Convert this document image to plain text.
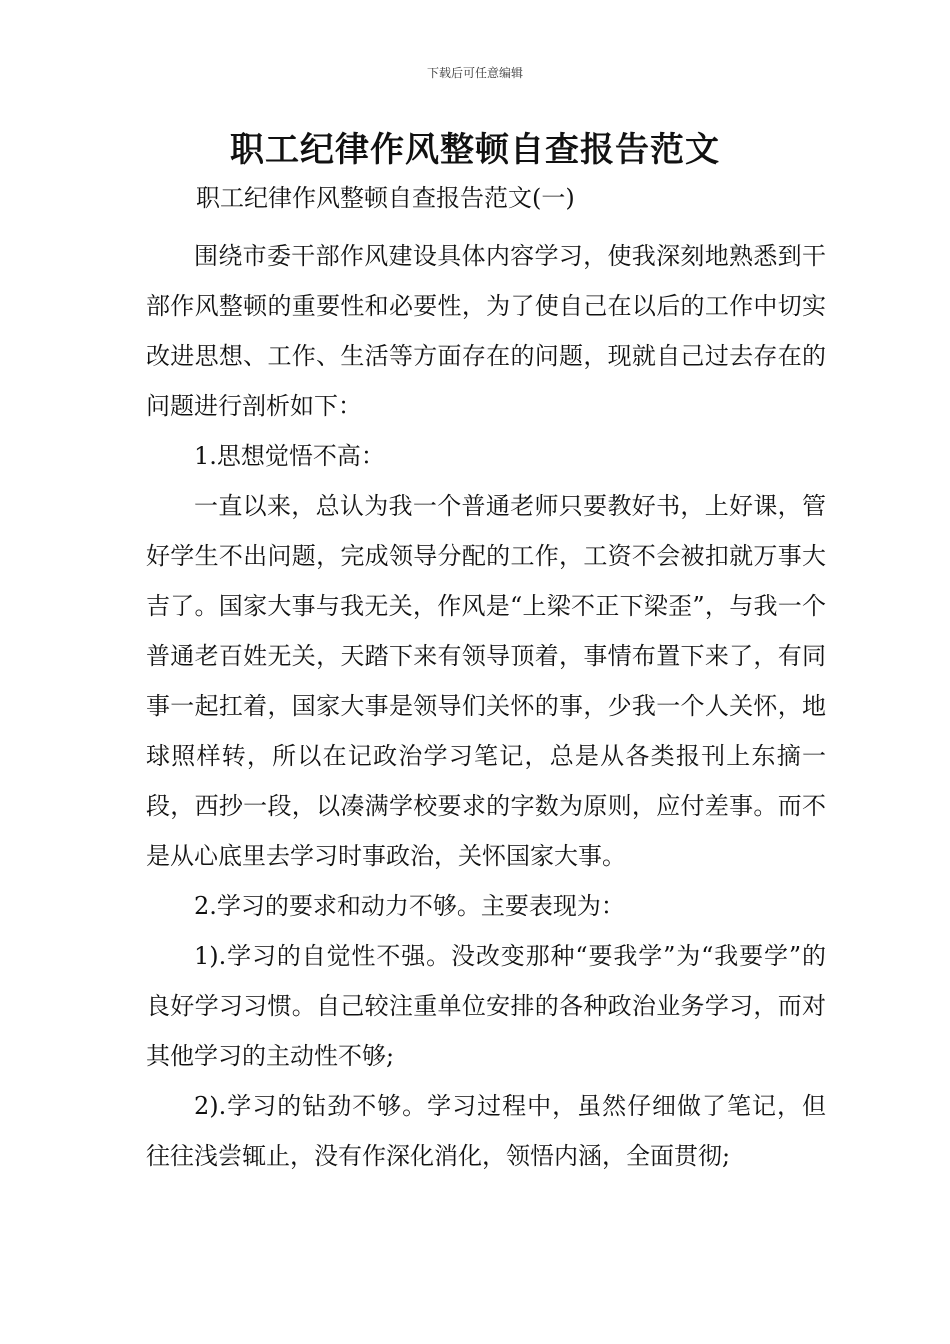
下载后可任意编辑
职工纪律作风整顿自查报告范文
职工纪律作风整顿自查报告范文(一)

围绕市委干部作风建设具体内容学习，使我深刻地熟悉到干部作风整顿的重要性和必要性，为了使自己在以后的工作中切实改进思想、工作、生活等方面存在的问题，现就自己过去存在的问题进行剖析如下：

1.思想觉悟不高：

一直以来，总认为我一个普通老师只要教好书，上好课，管好学生不出问题，完成领导分配的工作，工资不会被扣就万事大吉了。国家大事与我无关，作风是“上梁不正下梁歪”，与我一个普通老百姓无关，天踏下来有领导顶着，事情布置下来了，有同事一起扛着，国家大事是领导们关怀的事，少我一个人关怀，地球照样转，所以在记政治学习笔记，总是从各类报刊上东摘一段，西抄一段，以凑满学校要求的字数为原则，应付差事。而不是从心底里去学习时事政治，关怀国家大事。

2.学习的要求和动力不够。主要表现为：

1).学习的自觉性不强。没改变那种“要我学”为“我要学”的良好学习习惯。自己较注重单位安排的各种政治业务学习，而对其他学习的主动性不够;

2).学习的钻劲不够。学习过程中，虽然仔细做了笔记，但往往浅尝辄止，没有作深化消化，领悟内涵，全面贯彻;
